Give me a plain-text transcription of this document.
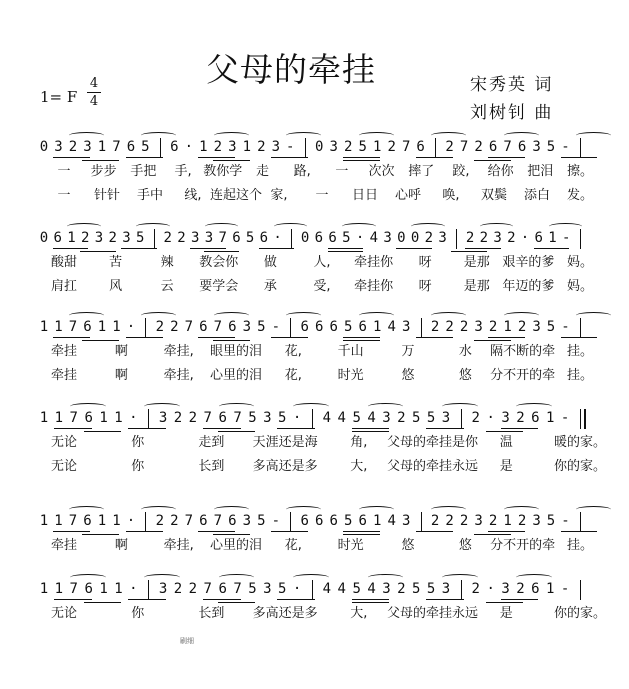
父母的牵挂	宋秀英 词
刘树钊 曲
1= F
4
4
0 3 2 3 1 7 6 5 6 · 1 2 3 1 2 3 - 0 3 2 5 1 2 7 6 2 7 2 6 7 6 3 5 -
一 步步 手把 手, 教你学 走 路, 一 次次 摔了 跤, 给你 把泪 擦。
一 针针 手中 线, 连起这个 家, 一 日日 心呼 唤, 双鬓 添白 发。
0 6 1 2 3 2 3 5 2 2 3 3 7 6 5 6 · 0 6 6 5 · 4 3 0 0 2 3 2 2 3 2 · 6 1 -
酸甜 苦	辣 教会你 做	人, 牵挂你 呀 是那 艰辛的爹 妈。
肩扛 风	云 要学会 承	受, 牵挂你 呀 是那 年迈的爹 妈。
1 1 7 6 1 1 · 2 2 7 6 7 6 3 5 - 6 6 6 5 6 1 4 3 2 2 2 3 2 1 2 3 5 -
牵挂	啊	牵挂, 眼里的泪 花,	千山	万	水 隔不断的牵 挂。
牵挂	啊	牵挂, 心里的泪 花,	时光	悠	悠 分不开的牵 挂。
1 1 7 6 1 1 · 3 2 2 7 6 7 5 3 5 · 4 4 5 4 3 2 5 5 3 2 · 3 2 6 1 -
无论	你	走到 天涯还是海	角, 父母的牵挂是你 温	暖的家。
无论	你	长到 多高还是多	大, 父母的牵挂永远 是	你的家。
1 1 7 6 1 1 · 2 2 7 6 7 6 3 5 - 6 6 6 5 6 1 4 3 2 2 2 3 2 1 2 3 5 -
牵挂	啊	牵挂, 心里的泪 花,	时光	悠	悠 分不开的牵 挂。
1 1 7 6 1 1 · 3 2 2 7 6 7 5 3 5 · 4 4 5 4 3 2 5 5 3 2 · 3 2 6 1 -
无论	你	长到 多高还是多	大, 父母的牵挂永远 是	你的家。
刷细
